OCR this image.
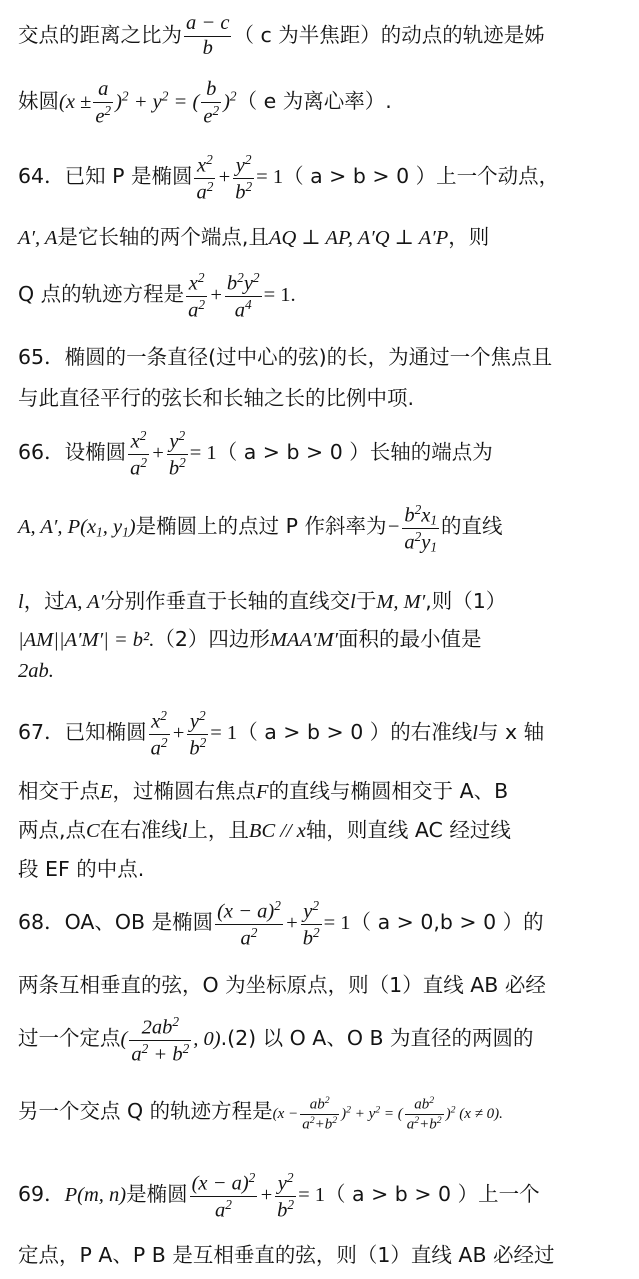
交点的距离之比为 $\frac{a - c}{b}$ （ c 为半焦距）的动点的轨迹是姊
妹圆$(x \pm \frac{a}{e^2} )^2 + y^2$ = ( $\frac{b}{e^2} )^2$（ e 为离心率）.
64．已知 P 是椭圆 $\frac{x^2}{a^2} + \frac{y^2}{b^2} = 1$（ a > b > 0 ）上一个动点，
A′, A是它长轴的两个端点,且AQ ⊥ AP, A′Q ⊥ A′P，则
Q 点的轨迹方程是 $\frac{x^2}{a^2} + \frac{b^2y^2}{a^4} = 1$.
65．椭圆的一条直径(过中心的弦)的长，为通过一个焦点且
与此直径平行的弦长和长轴之长的比例中项.
66．设椭圆 $\frac{x^2}{a^2} + \frac{y^2}{b^2} = 1$（ a > b > 0 ）长轴的端点为
A, A′, $P(x_1$, $y_1$)是椭圆上的点过 P 作斜率为− $\frac{b^2x_1}{a^2y_1}$ 的直线
l，过A, A′分别作垂直于长轴的直线交l于M, M′,则（1）
|AM||A′M′| = b².（2）四边形MAA′M′面积的最小值是
2ab.
67．已知椭圆 $\frac{x^2}{a^2} + \frac{y^2}{b^2} = 1$（ a > b > 0 ）的右准线l与 x 轴
相交于点E，过椭圆右焦点F的直线与椭圆相交于 A、B
两点,点C在右准线l上，且BC // x轴，则直线 AC 经过线
段 EF 的中点.
68．OA、OB 是椭圆 $\frac{(x - a)^2}{a^2} + \frac{y^2}{b^2} = 1$（ a > 0,b > 0 ）的
两条互相垂直的弦，O 为坐标原点，则（1）直线 AB 必经
过一个定点( $\frac{2ab^2}{a^2 + b^2}$ , 0).(2) 以 O A、O B 为直径的两圆的
另一个交点 Q 的轨迹方程是$(x - \frac{ab^2}{a^2+b^2} )^2 + y^2$ = ( $\frac{ab^2}{a^2+b^2} )^2$ (x ≠ 0).
69．P(m, n)是椭圆 $\frac{(x - a)^2}{a^2} + \frac{y^2}{b^2} = 1$（ a > b > 0 ）上一个
定点，P A、P B 是互相垂直的弦，则（1）直线 AB 必经过
